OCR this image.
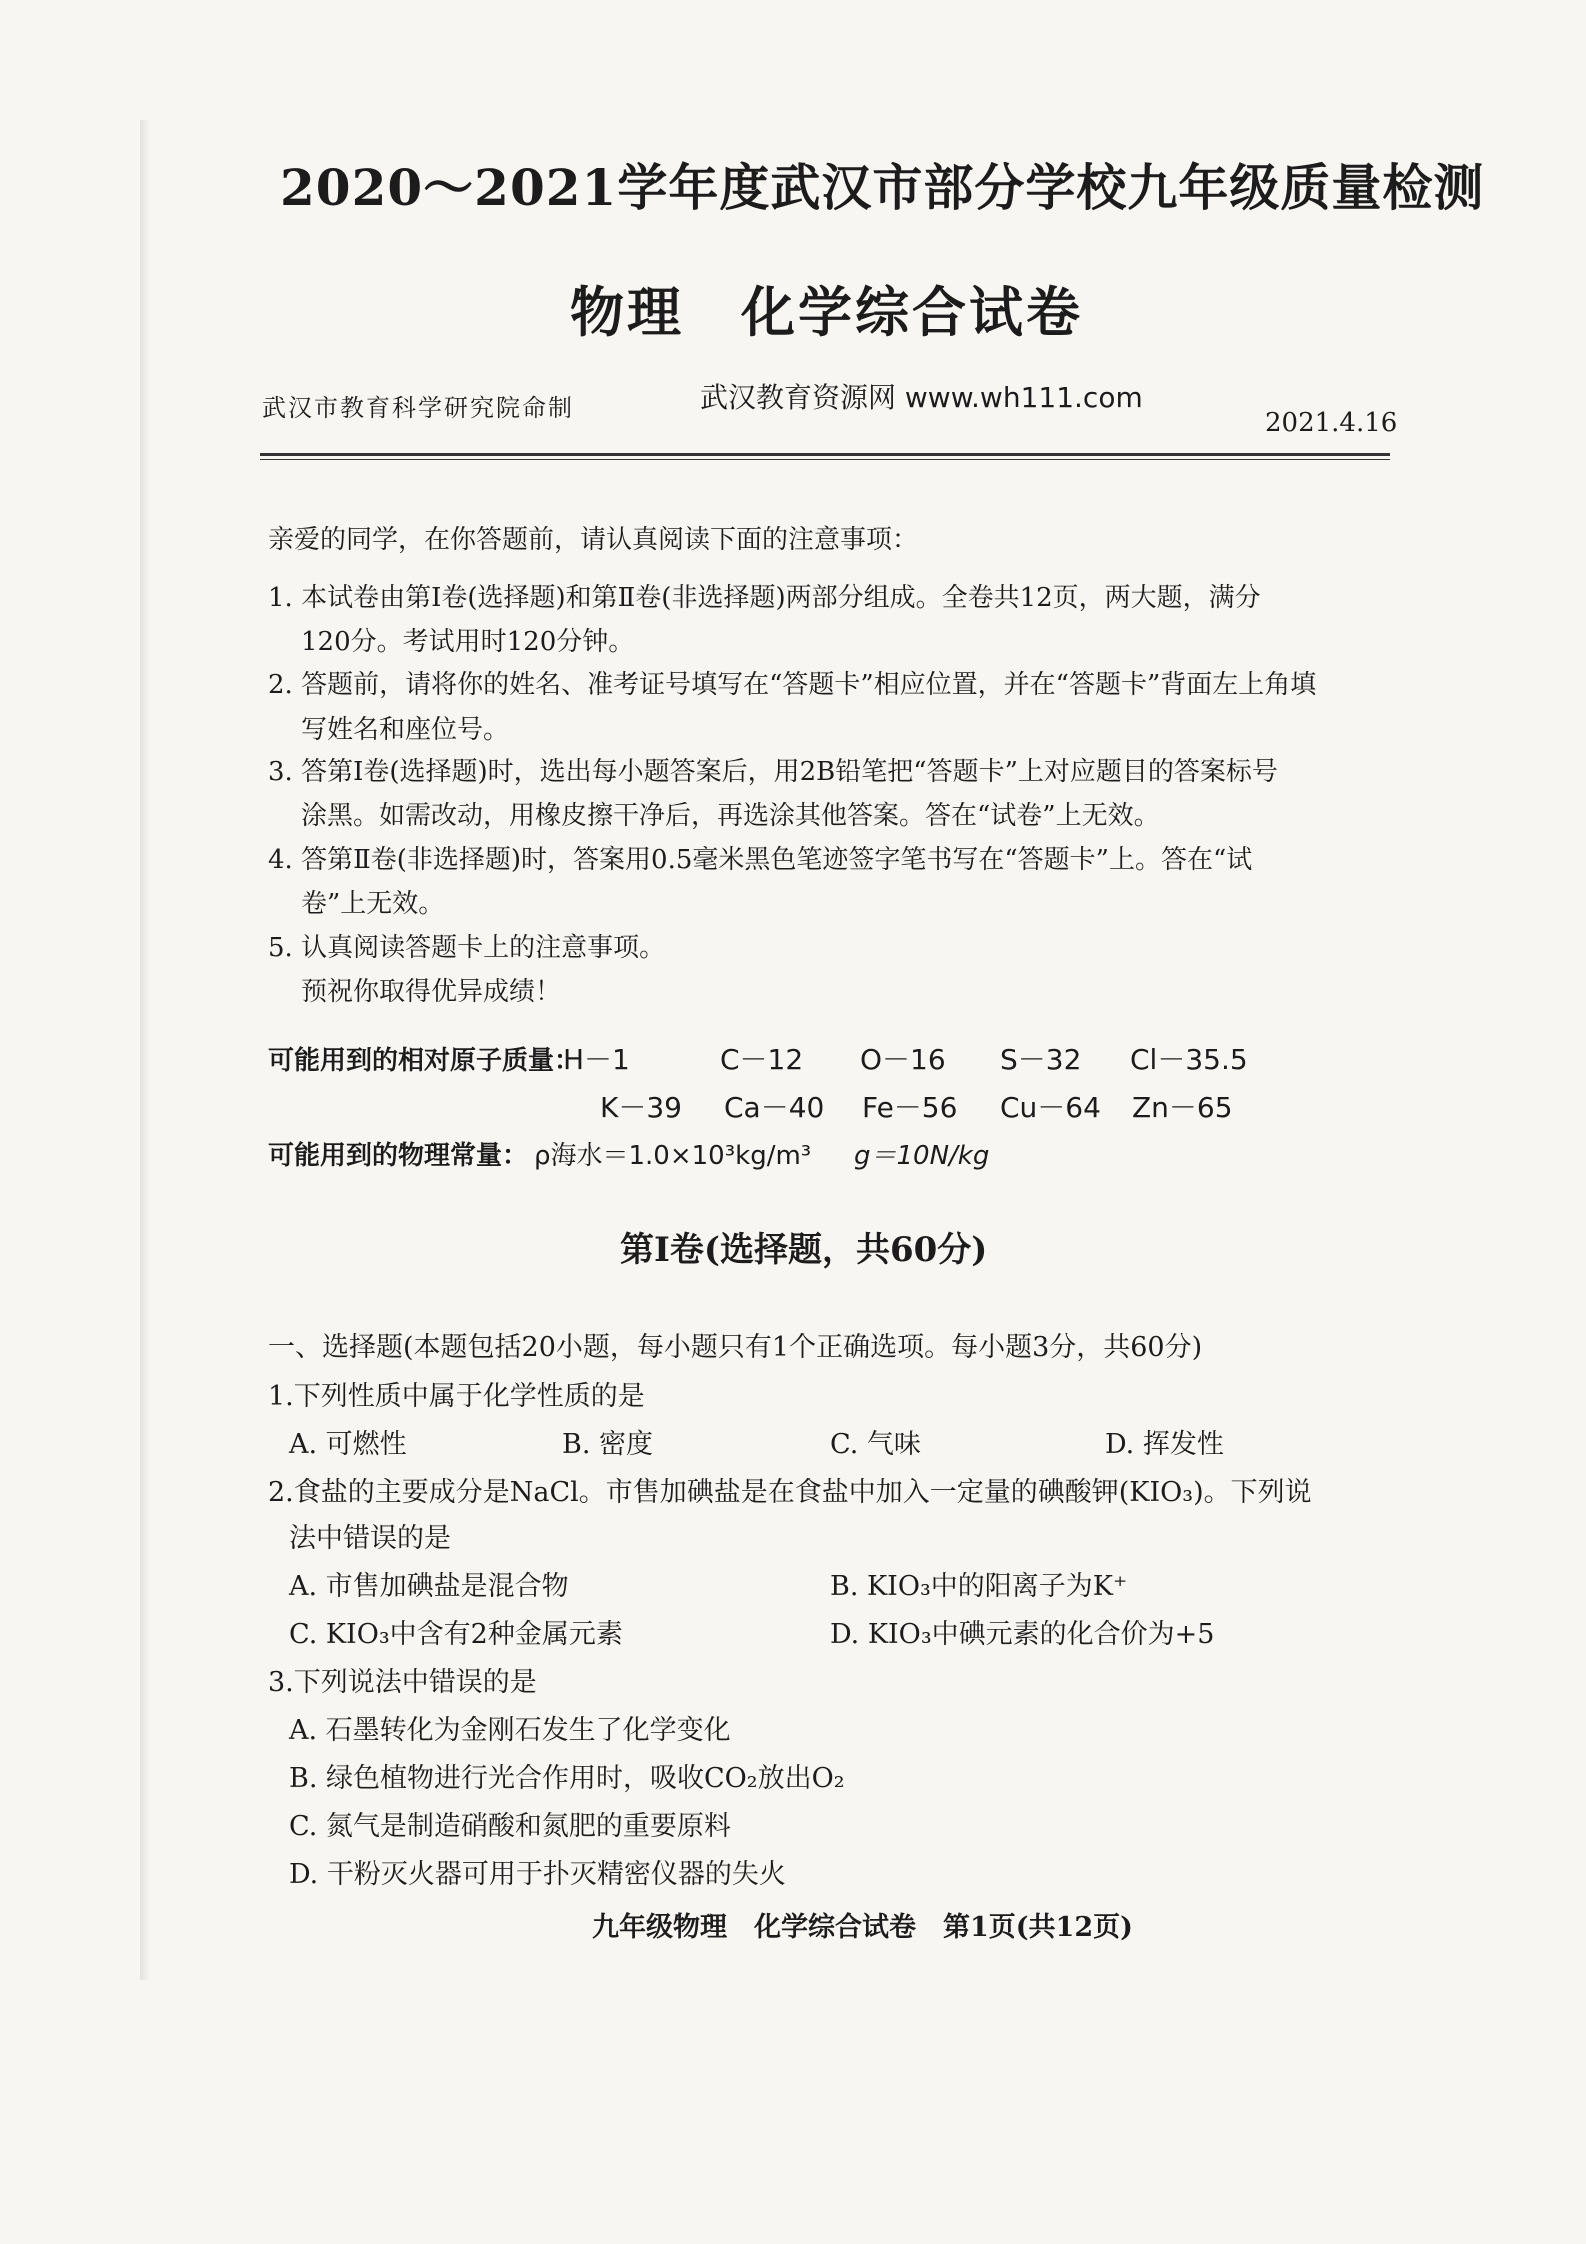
2020～2021学年度武汉市部分学校九年级质量检测
物理　化学综合试卷
武汉市教育科学研究院命制	武汉教育资源网 www.wh111.com
2021.4.16
亲爱的同学，在你答题前，请认真阅读下面的注意事项：
1. 本试卷由第Ⅰ卷(选择题)和第Ⅱ卷(非选择题)两部分组成。全卷共12页，两大题，满分
120分。考试用时120分钟。
2. 答题前，请将你的姓名、准考证号填写在“答题卡”相应位置，并在“答题卡”背面左上角填
写姓名和座位号。
3. 答第Ⅰ卷(选择题)时，选出每小题答案后，用2B铅笔把“答题卡”上对应题目的答案标号
涂黑。如需改动，用橡皮擦干净后，再选涂其他答案。答在“试卷”上无效。
4. 答第Ⅱ卷(非选择题)时，答案用0.5毫米黑色笔迹签字笔书写在“答题卡”上。答在“试
卷”上无效。
5. 认真阅读答题卡上的注意事项。
预祝你取得优异成绩！
可能用到的相对原子质量：
H－1	C－12 O－16 S－32 Cl－35.5
K－39 Ca－40 Fe－56 Cu－64 Zn－65
可能用到的物理常量： ρ海水＝1.0×10³kg/m³ g＝10N/kg
第Ⅰ卷(选择题，共60分)
一、选择题(本题包括20小题，每小题只有1个正确选项。每小题3分，共60分)
1.下列性质中属于化学性质的是
A. 可燃性	B. 密度	C. 气味	D. 挥发性
2.食盐的主要成分是NaCl。市售加碘盐是在食盐中加入一定量的碘酸钾(KIO₃)。下列说
法中错误的是
A. 市售加碘盐是混合物	B. KIO₃中的阳离子为K⁺
C. KIO₃中含有2种金属元素	D. KIO₃中碘元素的化合价为+5
3.下列说法中错误的是
A. 石墨转化为金刚石发生了化学变化
B. 绿色植物进行光合作用时，吸收CO₂放出O₂
C. 氮气是制造硝酸和氮肥的重要原料
D. 干粉灭火器可用于扑灭精密仪器的失火
九年级物理　化学综合试卷　第1页(共12页)
